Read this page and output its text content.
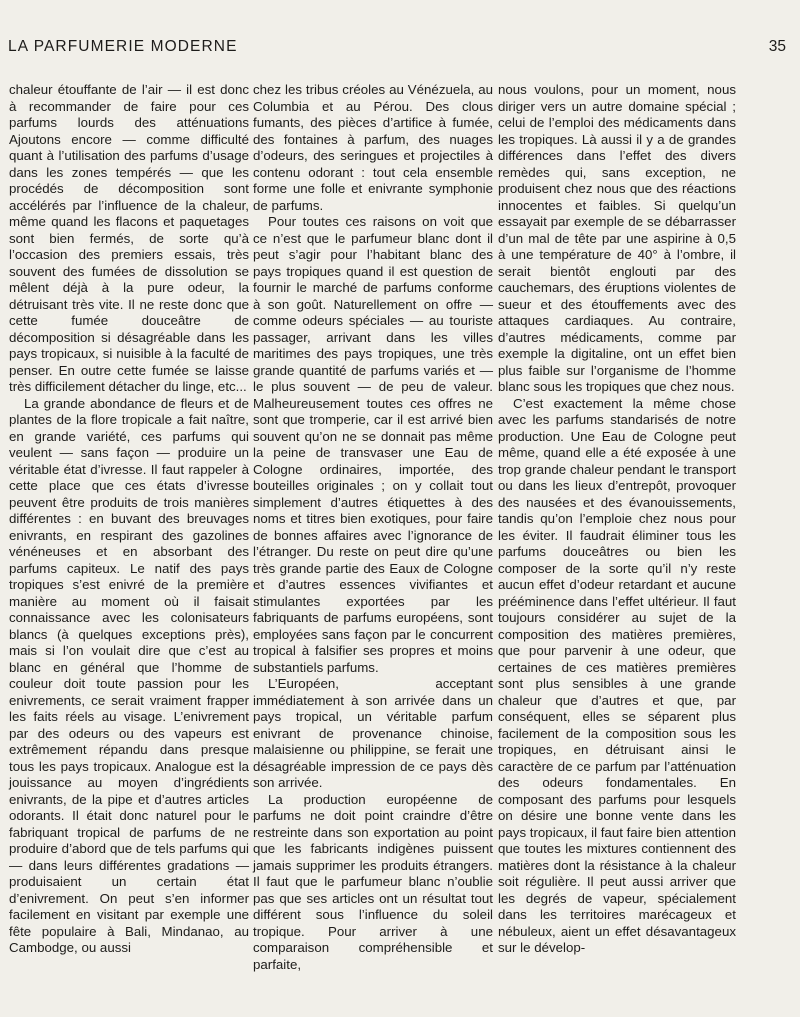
LA PARFUMERIE MODERNE	35

chaleur étouffante de l’air — il est donc à recommander de faire pour ces parfums lourds des atténuations Ajoutons encore — comme difficulté quant à l’utilisation des parfums d’usage dans les zones tempérés — que les procédés de décomposition sont accélérés par l’influence de la chaleur, même quand les flacons et paquetages sont bien fermés, de sorte qu’à l’occasion des premiers essais, très souvent des fumées de dissolution se mêlent déjà à la pure odeur, la détruisant très vite. Il ne reste donc que cette fumée douceâtre de décomposition si désagréable dans les pays tropicaux, si nuisible à la faculté de penser. En outre cette fumée se laisse très difficilement détacher du linge, etc...

La grande abondance de fleurs et de plantes de la flore tropicale a fait naître, en grande variété, ces parfums qui veulent — sans façon — produire un véritable état d’ivresse. Il faut rappeler à cette place que ces états d’ivresse peuvent être produits de trois manières différentes : en buvant des breuvages enivrants, en respirant des gazolines vénéneuses et en absorbant des parfums capiteux. Le natif des pays tropiques s’est enivré de la première manière au moment où il faisait connaissance avec les colonisateurs blancs (à quelques exceptions près), mais si l’on voulait dire que c’est au blanc en général que l’homme de couleur doit toute passion pour les enivrements, ce serait vraiment frapper les faits réels au visage. L’enivrement par des odeurs ou des vapeurs est extrêmement répandu dans presque tous les pays tropicaux. Analogue est la jouissance au moyen d’ingrédients enivrants, de la pipe et d’autres articles odorants. Il était donc naturel pour le fabriquant tropical de parfums de ne produire d’abord que de tels parfums qui — dans leurs différentes gradations — produisaient un certain état d’enivrement. On peut s’en informer facilement en visitant par exemple une fête populaire à Bali, Mindanao, au Cambodge, ou aussi

chez les tribus créoles au Vénézuela, au Columbia et au Pérou. Des clous fumants, des pièces d’artifice à fumée, des fontaines à parfum, des nuages d’odeurs, des seringues et projectiles à contenu odorant : tout cela ensemble forme une folle et enivrante symphonie de parfums.

Pour toutes ces raisons on voit que ce n’est que le parfumeur blanc dont il peut s’agir pour l’habitant blanc des pays tropiques quand il est question de fournir le marché de parfums conforme à son goût. Naturellement on offre — comme odeurs spéciales — au touriste passager, arrivant dans les villes maritimes des pays tropiques, une très grande quantité de parfums variés et — le plus souvent — de peu de valeur. Malheureusement toutes ces offres ne sont que tromperie, car il est arrivé bien souvent qu’on ne se donnait pas même la peine de transvaser une Eau de Cologne ordinaires, importée, des bouteilles originales ; on y collait tout simplement d’autres étiquettes à des noms et titres bien exotiques, pour faire de bonnes affaires avec l’ignorance de l’étranger. Du reste on peut dire qu’une très grande partie des Eaux de Cologne et d’autres essences vivifiantes et stimulantes exportées par les fabriquants de parfums européens, sont employées sans façon par le concurrent tropical à falsifier ses propres et moins substantiels parfums.

L’Européen, acceptant immédiatement à son arrivée dans un pays tropical, un véritable parfum enivrant de provenance chinoise, malaisienne ou philippine, se ferait une désagréable impression de ce pays dès son arrivée.

La production européenne de parfums ne doit point craindre d’être restreinte dans son exportation au point que les fabricants indigènes puissent jamais supprimer les produits étrangers. Il faut que le parfumeur blanc n’oublie pas que ses articles ont un résultat tout différent sous l’influence du soleil tropique. Pour arriver à une comparaison compréhensible et parfaite,

nous voulons, pour un moment, nous diriger vers un autre domaine spécial ; celui de l’emploi des médicaments dans les tropiques. Là aussi il y a de grandes différences dans l’effet des divers remèdes qui, sans exception, ne produisent chez nous que des réactions innocentes et faibles. Si quelqu’un essayait par exemple de se débarrasser d’un mal de tête par une aspirine à 0,5 à une température de 40° à l’ombre, il serait bientôt englouti par des cauchemars, des éruptions violentes de sueur et des étouffements avec des attaques cardiaques. Au contraire, d’autres médicaments, comme par exemple la digitaline, ont un effet bien plus faible sur l’organisme de l’homme blanc sous les tropiques que chez nous.

C’est exactement la même chose avec les parfums standarisés de notre production. Une Eau de Cologne peut même, quand elle a été exposée à une trop grande chaleur pendant le transport ou dans les lieux d’entrepôt, provoquer des nausées et des évanouissements, tandis qu’on l’emploie chez nous pour les éviter. Il faudrait éliminer tous les parfums douceâtres ou bien les composer de la sorte qu’il n’y reste aucun effet d’odeur retardant et aucune prééminence dans l’effet ultérieur. Il faut toujours considérer au sujet de la composition des matières premières, que pour parvenir à une odeur, que certaines de ces matières premières sont plus sensibles à une grande chaleur que d’autres et que, par conséquent, elles se séparent plus facilement de la composition sous les tropiques, en détruisant ainsi le caractère de ce parfum par l’atténuation des odeurs fondamentales. En composant des parfums pour lesquels on désire une bonne vente dans les pays tropicaux, il faut faire bien attention que toutes les mixtures contiennent des matières dont la résistance à la chaleur soit régulière. Il peut aussi arriver que les degrés de vapeur, spécialement dans les territoires marécageux et nébuleux, aient un effet désavantageux sur le dévelop-
